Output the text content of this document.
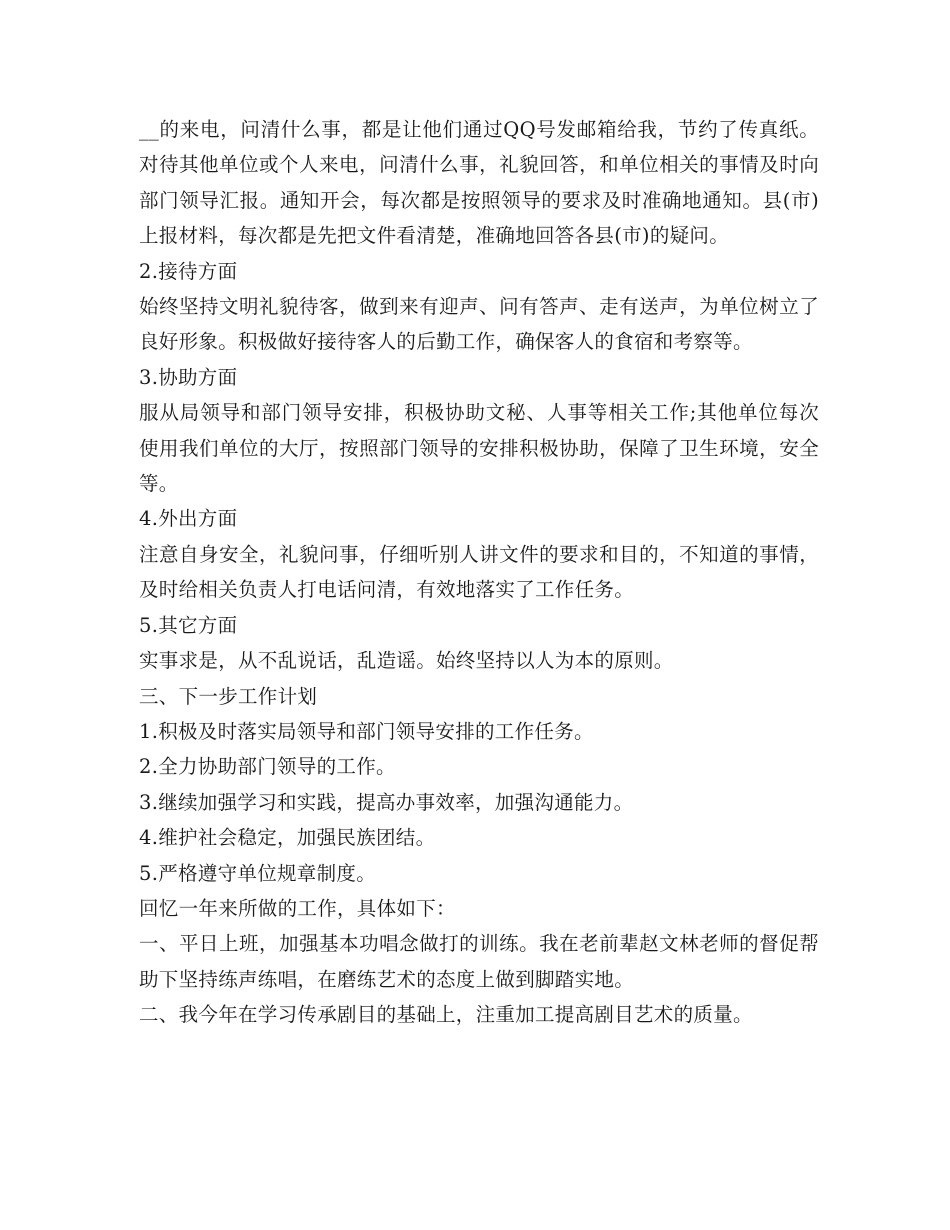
__的来电，问清什么事，都是让他们通过QQ号发邮箱给我，节约了传真纸。对待其他单位或个人来电，问清什么事，礼貌回答，和单位相关的事情及时向部门领导汇报。通知开会，每次都是按照领导的要求及时准确地通知。县(市)上报材料，每次都是先把文件看清楚，准确地回答各县(市)的疑问。

2.接待方面

始终坚持文明礼貌待客，做到来有迎声、问有答声、走有送声，为单位树立了良好形象。积极做好接待客人的后勤工作，确保客人的食宿和考察等。

3.协助方面

服从局领导和部门领导安排，积极协助文秘、人事等相关工作;其他单位每次使用我们单位的大厅，按照部门领导的安排积极协助，保障了卫生环境，安全等。

4.外出方面

注意自身安全，礼貌问事，仔细听别人讲文件的要求和目的，不知道的事情，及时给相关负责人打电话问清，有效地落实了工作任务。

5.其它方面

实事求是，从不乱说话，乱造谣。始终坚持以人为本的原则。

三、下一步工作计划

1.积极及时落实局领导和部门领导安排的工作任务。

2.全力协助部门领导的工作。

3.继续加强学习和实践，提高办事效率，加强沟通能力。

4.维护社会稳定，加强民族团结。

5.严格遵守单位规章制度。

回忆一年来所做的工作，具体如下：

一、平日上班，加强基本功唱念做打的训练。我在老前辈赵文林老师的督促帮助下坚持练声练唱，在磨练艺术的态度上做到脚踏实地。

二、我今年在学习传承剧目的基础上，注重加工提高剧目艺术的质量。
